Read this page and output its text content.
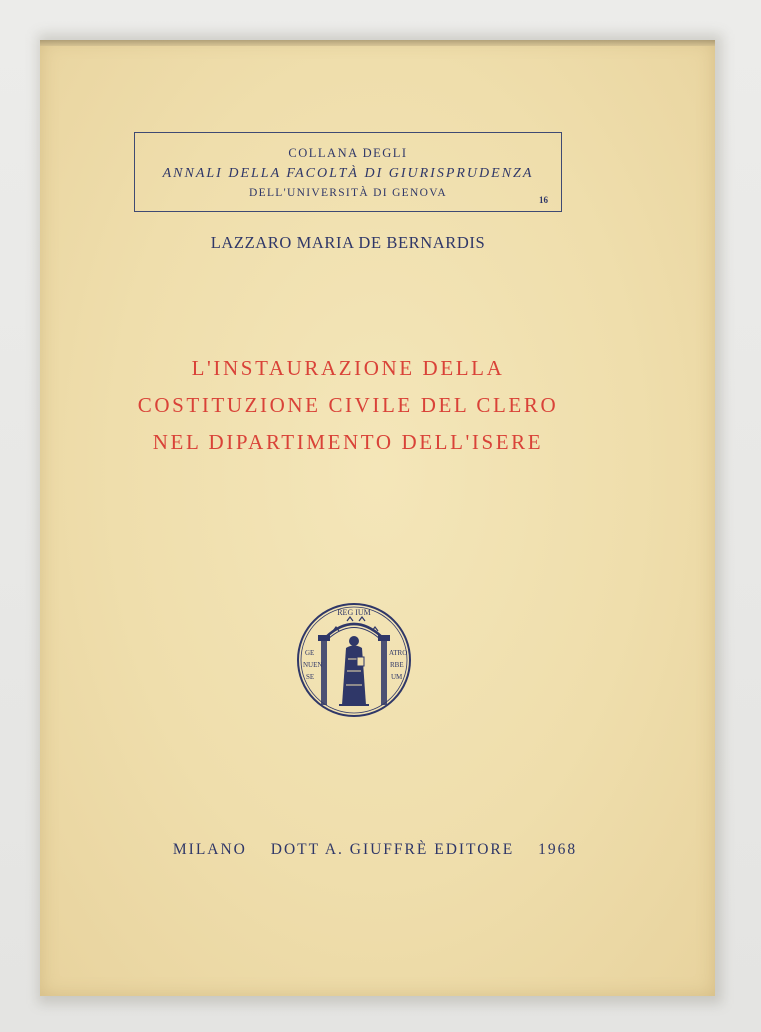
COLLANA DEGLI
ANNALI DELLA FACOLTÀ DI GIURISPRUDENZA
DELL'UNIVERSITÀ DI GENOVA
16
LAZZARO MARIA DE BERNARDIS
L'INSTAURAZIONE DELLA
COSTITUZIONE CIVILE DEL CLERO
NEL DIPARTIMENTO DELL'ISERE
REG IUM
GE
NUEN
SE
ATRO
RBE
UM
MILANO DOTT A. GIUFFRÈ EDITORE 1968
